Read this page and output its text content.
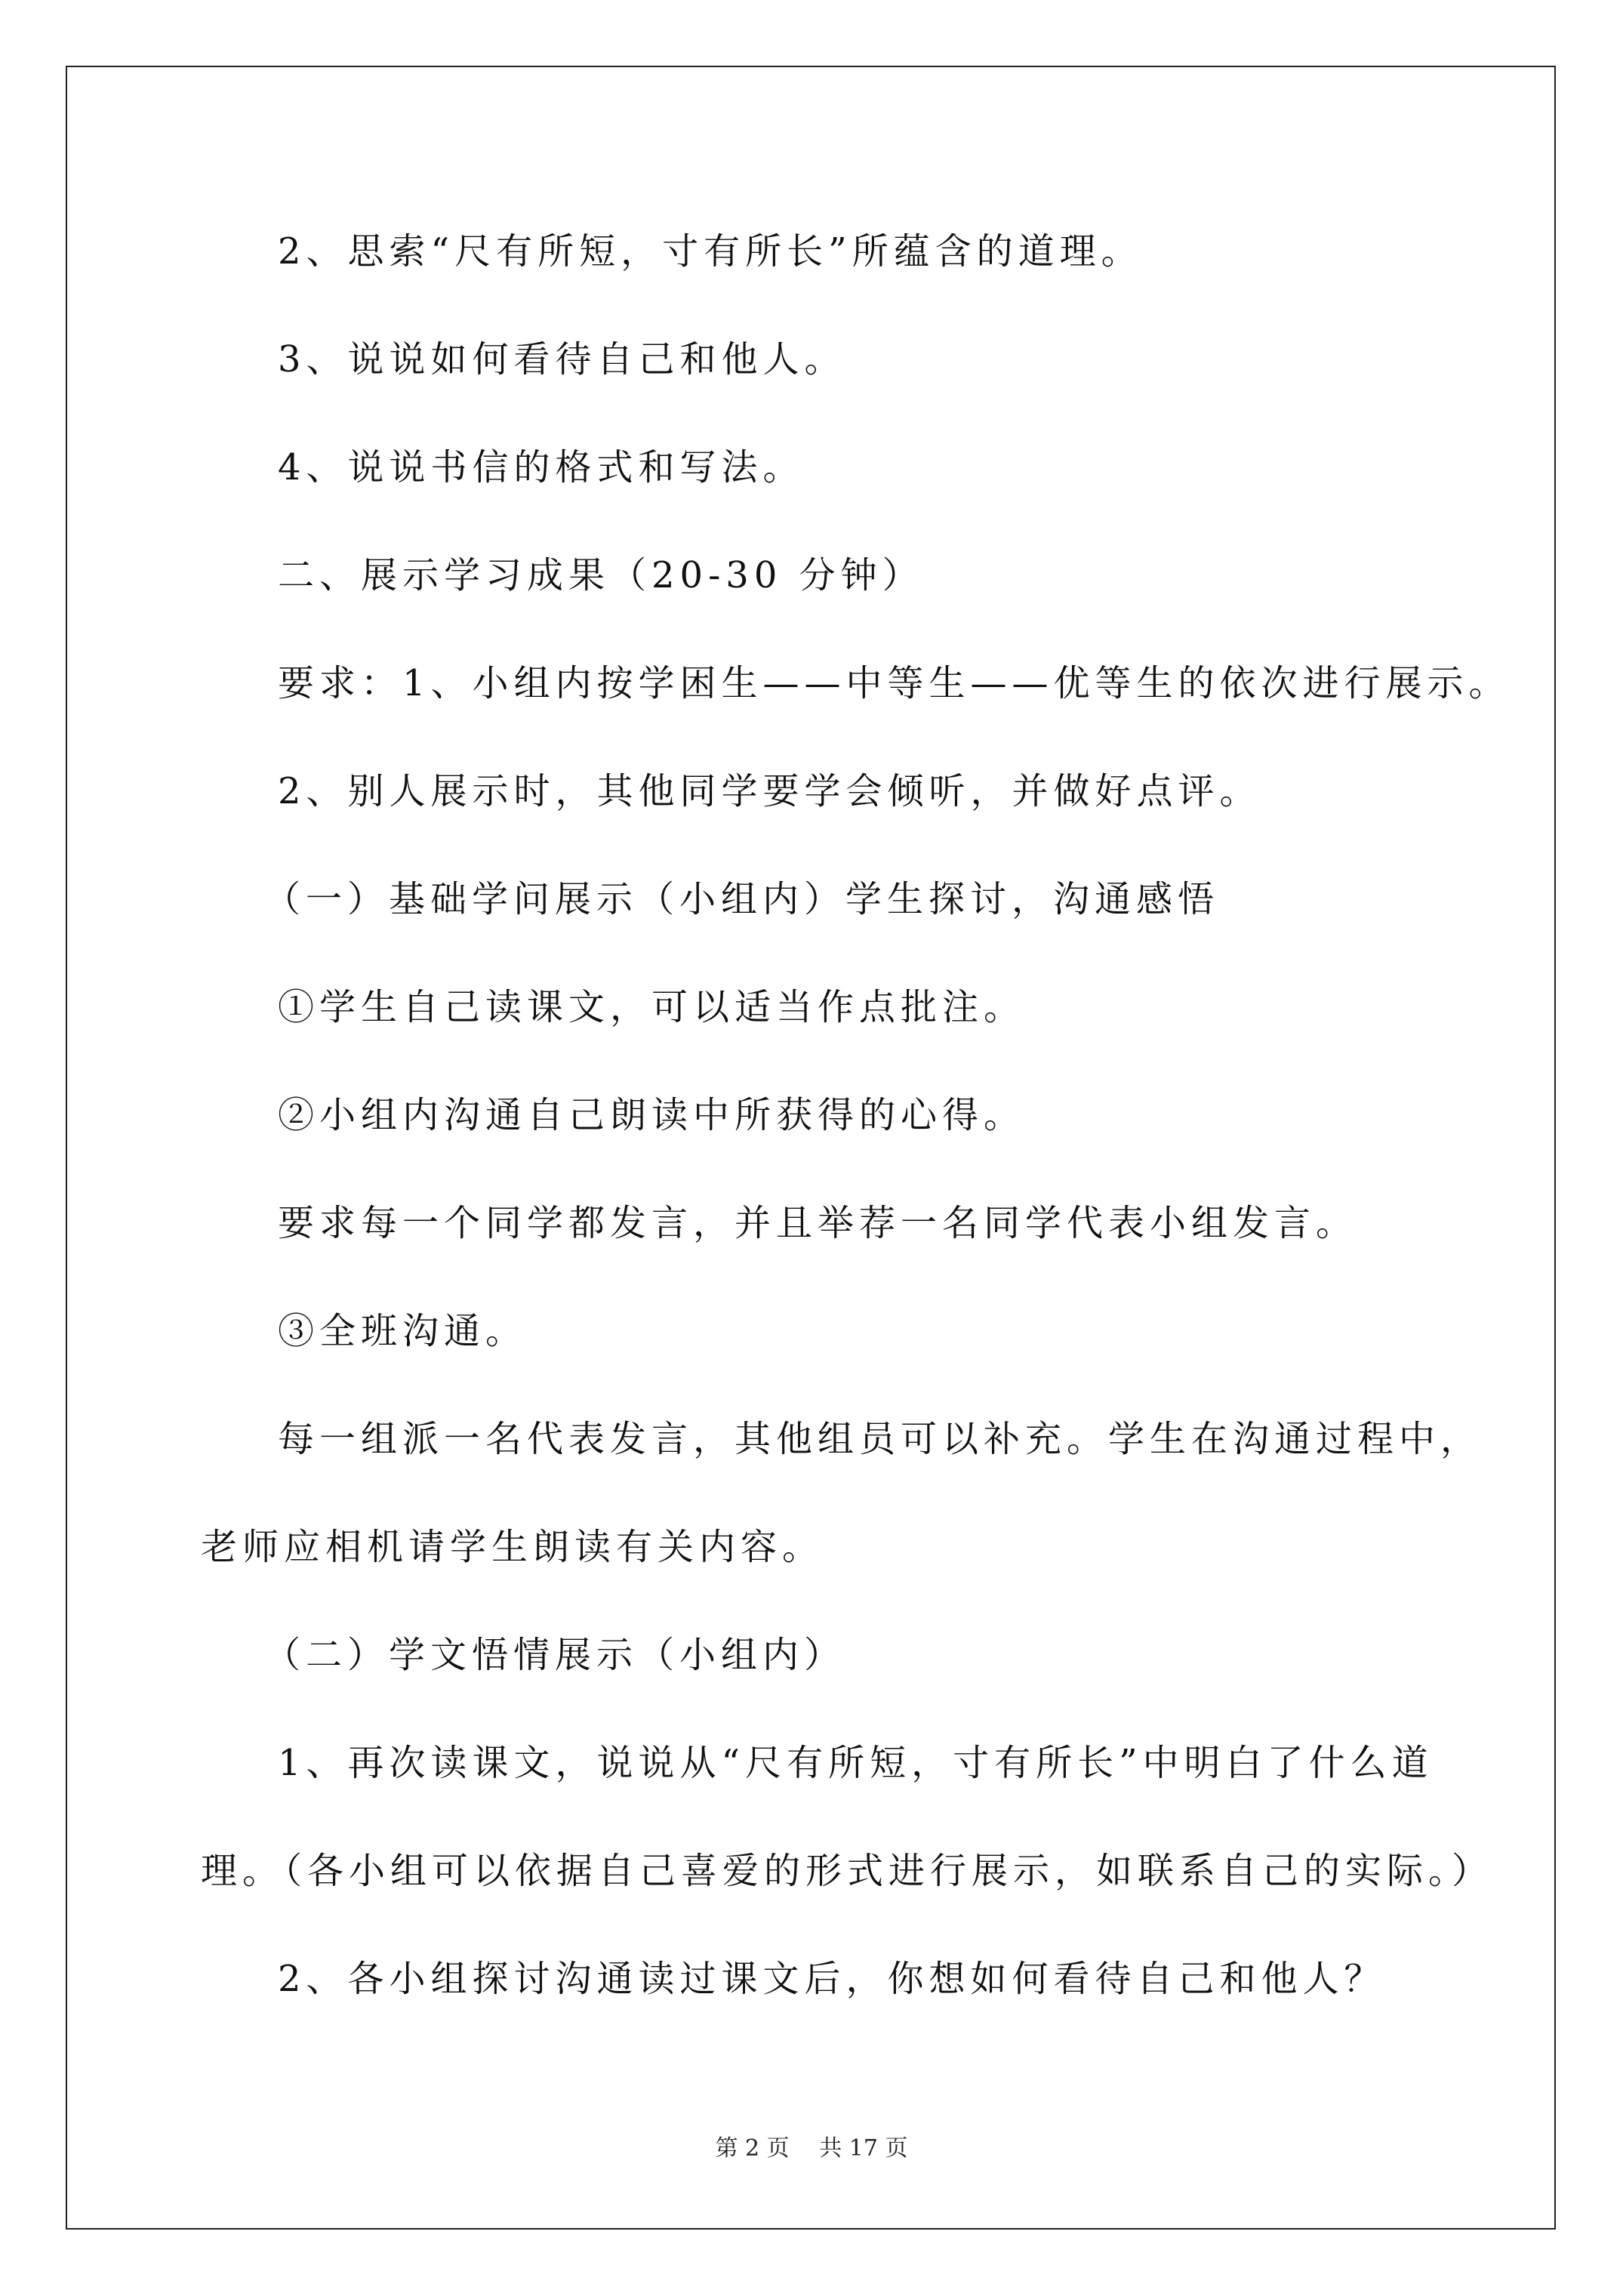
2、思索“尺有所短，寸有所长”所蕴含的道理。
3、说说如何看待自己和他人。
4、说说书信的格式和写法。
二、展示学习成果（20-30 分钟）
要求：1、小组内按学困生——中等生——优等生的依次进行展示。
2、别人展示时，其他同学要学会倾听，并做好点评。
（一）基础学问展示（小组内）学生探讨，沟通感悟
①学生自己读课文，可以适当作点批注。
②小组内沟通自己朗读中所获得的心得。
要求每一个同学都发言，并且举荐一名同学代表小组发言。
③全班沟通。
每一组派一名代表发言，其他组员可以补充。学生在沟通过程中，
老师应相机请学生朗读有关内容。
（二）学文悟情展示（小组内）
1、再次读课文，说说从“尺有所短，寸有所长”中明白了什么道
理。（各小组可以依据自己喜爱的形式进行展示，如联系自己的实际。）
2、各小组探讨沟通读过课文后，你想如何看待自己和他人？
第 2 页　 共 17 页
